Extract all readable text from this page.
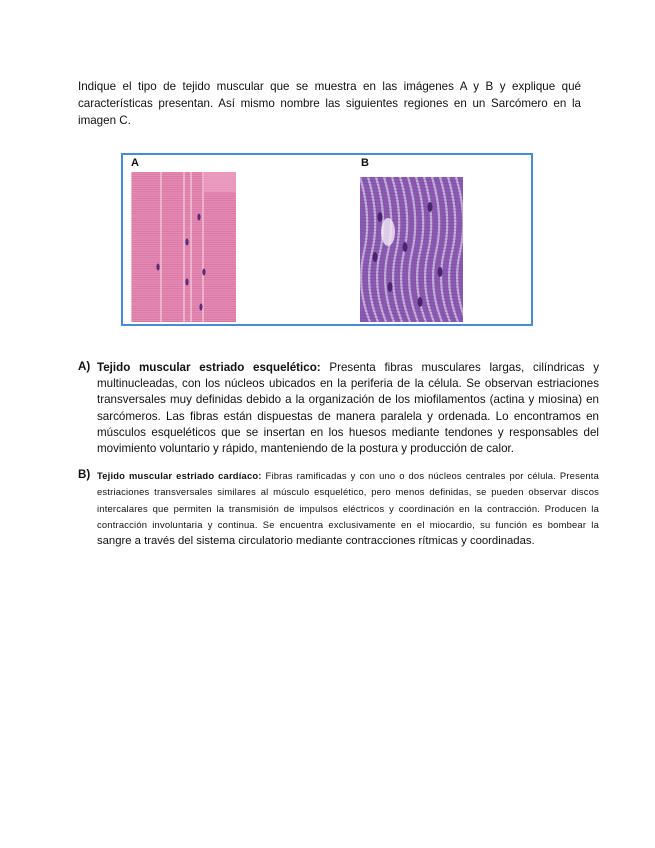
Indique el tipo de tejido muscular que se muestra en las imágenes A y B y explique qué características presentan. Así mismo nombre las siguientes regiones en un Sarcómero en la imagen C.

A	B
A) Tejido muscular estriado esquelético: Presenta fibras musculares largas, cilíndricas y multinucleadas, con los núcleos ubicados en la periferia de la célula. Se observan estriaciones transversales muy definidas debido a la organización de los miofilamentos (actina y miosina) en sarcómeros. Las fibras están dispuestas de manera paralela y ordenada. Lo encontramos en músculos esqueléticos que se insertan en los huesos mediante tendones y responsables del movimiento voluntario y rápido, manteniendo de la postura y producción de calor.
B) Tejido muscular estriado cardíaco: Fibras ramificadas y con uno o dos núcleos centrales por célula. Presenta estriaciones transversales similares al músculo esquelético, pero menos definidas, se pueden observar discos intercalares que permiten la transmisión de impulsos eléctricos y coordinación en la contracción. Producen la contracción involuntaria y continua. Se encuentra exclusivamente en el miocardio, su función es bombear la sangre a través del sistema circulatorio mediante contracciones rítmicas y coordinadas.
